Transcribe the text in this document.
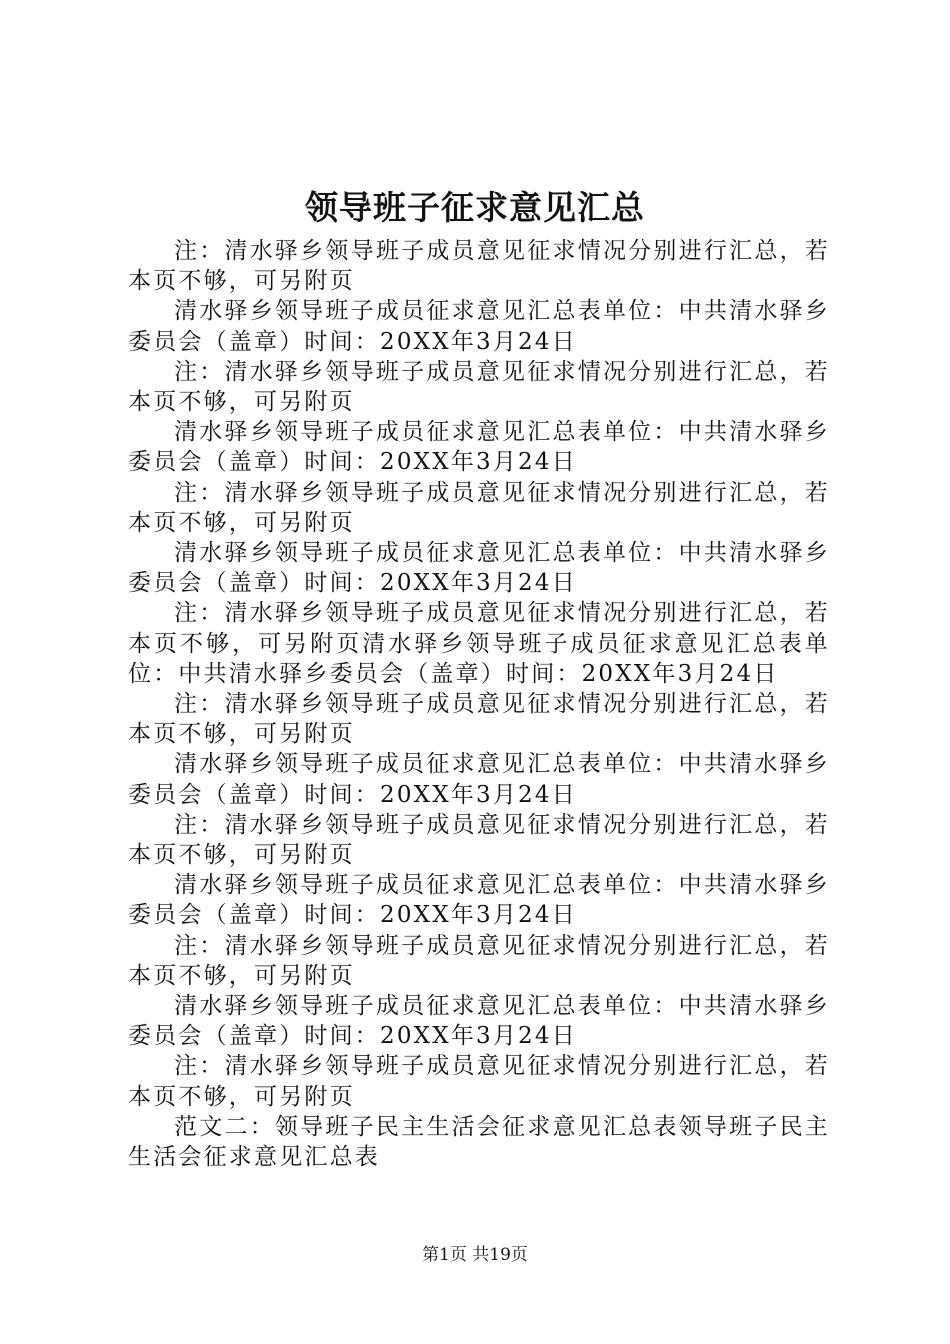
领导班子征求意见汇总

注：清水驿乡领导班子成员意见征求情况分别进行汇总，若本页不够，可另附页

清水驿乡领导班子成员征求意见汇总表单位：中共清水驿乡委员会（盖章）时间：20XX年3月24日

注：清水驿乡领导班子成员意见征求情况分别进行汇总，若本页不够，可另附页

清水驿乡领导班子成员征求意见汇总表单位：中共清水驿乡委员会（盖章）时间：20XX年3月24日

注：清水驿乡领导班子成员意见征求情况分别进行汇总，若本页不够，可另附页

清水驿乡领导班子成员征求意见汇总表单位：中共清水驿乡委员会（盖章）时间：20XX年3月24日

注：清水驿乡领导班子成员意见征求情况分别进行汇总，若本页不够，可另附页清水驿乡领导班子成员征求意见汇总表单位：中共清水驿乡委员会（盖章）时间：20XX年3月24日

注：清水驿乡领导班子成员意见征求情况分别进行汇总，若本页不够，可另附页

清水驿乡领导班子成员征求意见汇总表单位：中共清水驿乡委员会（盖章）时间：20XX年3月24日

注：清水驿乡领导班子成员意见征求情况分别进行汇总，若本页不够，可另附页

清水驿乡领导班子成员征求意见汇总表单位：中共清水驿乡委员会（盖章）时间：20XX年3月24日

注：清水驿乡领导班子成员意见征求情况分别进行汇总，若本页不够，可另附页

清水驿乡领导班子成员征求意见汇总表单位：中共清水驿乡委员会（盖章）时间：20XX年3月24日

注：清水驿乡领导班子成员意见征求情况分别进行汇总，若本页不够，可另附页

范文二：领导班子民主生活会征求意见汇总表领导班子民主生活会征求意见汇总表

第1页 共19页
